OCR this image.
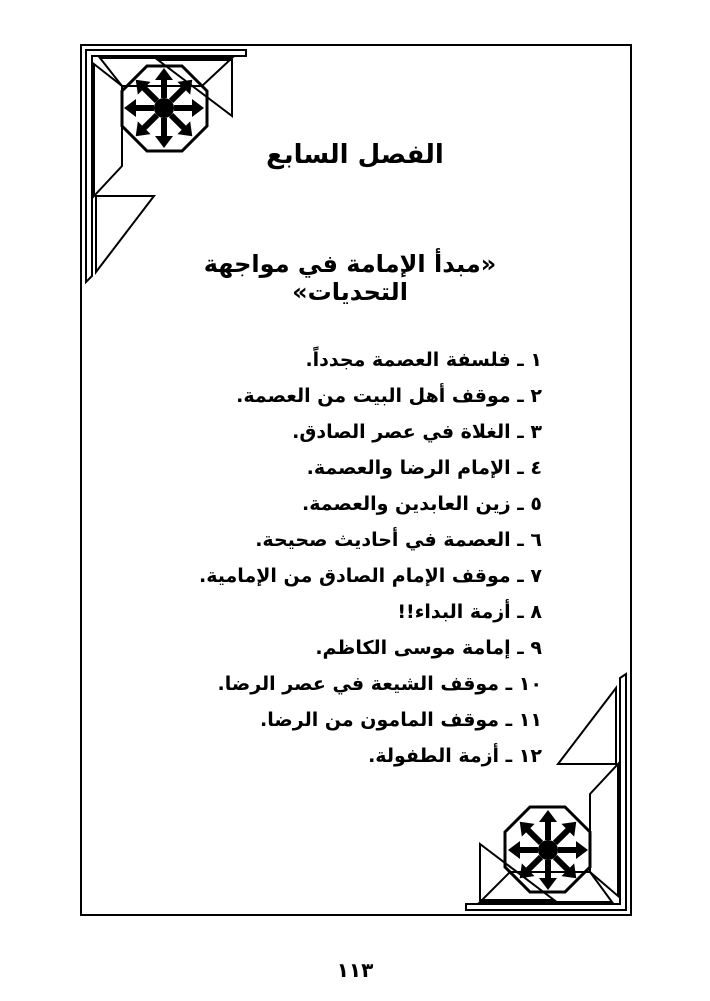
الفصل السابع
«مبدأ الإمامة في مواجهة التحديات»
١ ـ فلسفة العصمة مجدداً.
٢ ـ موقف أهل البيت من العصمة.
٣ ـ الغلاة في عصر الصادق.
٤ ـ الإمام الرضا والعصمة.
٥ ـ زين العابدين والعصمة.
٦ ـ العصمة في أحاديث صحيحة.
٧ ـ موقف الإمام الصادق من الإمامية.
٨ ـ أزمة البداء!!
٩ ـ إمامة موسى الكاظم.
١٠ ـ موقف الشيعة في عصر الرضا.
١١ ـ موقف المامون من الرضا.
١٢ ـ أزمة الطفولة.
١١٣
